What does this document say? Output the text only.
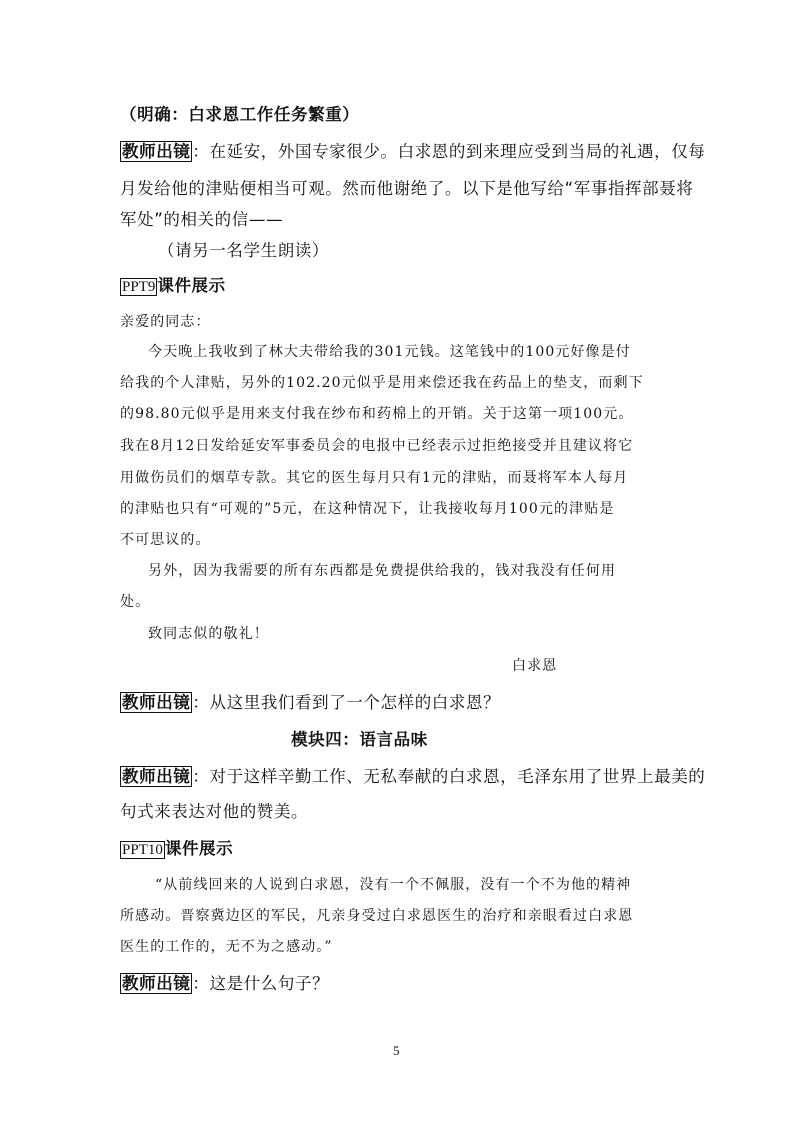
（明确：白求恩工作任务繁重）
教师出镜 ：在延安，外国专家很少。白求恩的到来理应受到当局的礼遇，仅每
月发给他的津贴便相当可观。然而他谢绝了。以下是他写给“军事指挥部聂将
军处”的相关的信——
（请另一名学生朗读）
PPT9 课件展示
亲爱的同志：
今天晚上我收到了林大夫带给我的301元钱。这笔钱中的100元好像是付
给我的个人津贴，另外的102.20元似乎是用来偿还我在药品上的垫支，而剩下
的98.80元似乎是用来支付我在纱布和药棉上的开销。关于这第一项100元。
我在8月12日发给延安军事委员会的电报中已经表示过拒绝接受并且建议将它
用做伤员们的烟草专款。其它的医生每月只有1元的津贴，而聂将军本人每月
的津贴也只有“可观的”5元，在这种情况下，让我接收每月100元的津贴是
不可思议的。
另外，因为我需要的所有东西都是免费提供给我的，钱对我没有任何用
处。
致同志似的敬礼！
白求恩
教师出镜 ：从这里我们看到了一个怎样的白求恩？
模块四：语言品味
教师出镜 ：对于这样辛勤工作、无私奉献的白求恩，毛泽东用了世界上最美的
句式来表达对他的赞美。
PPT10 课件展示
“从前线回来的人说到白求恩，没有一个不佩服，没有一个不为他的精神
所感动。晋察冀边区的军民，凡亲身受过白求恩医生的治疗和亲眼看过白求恩
医生的工作的，无不为之感动。”
教师出镜 ：这是什么句子？
5
